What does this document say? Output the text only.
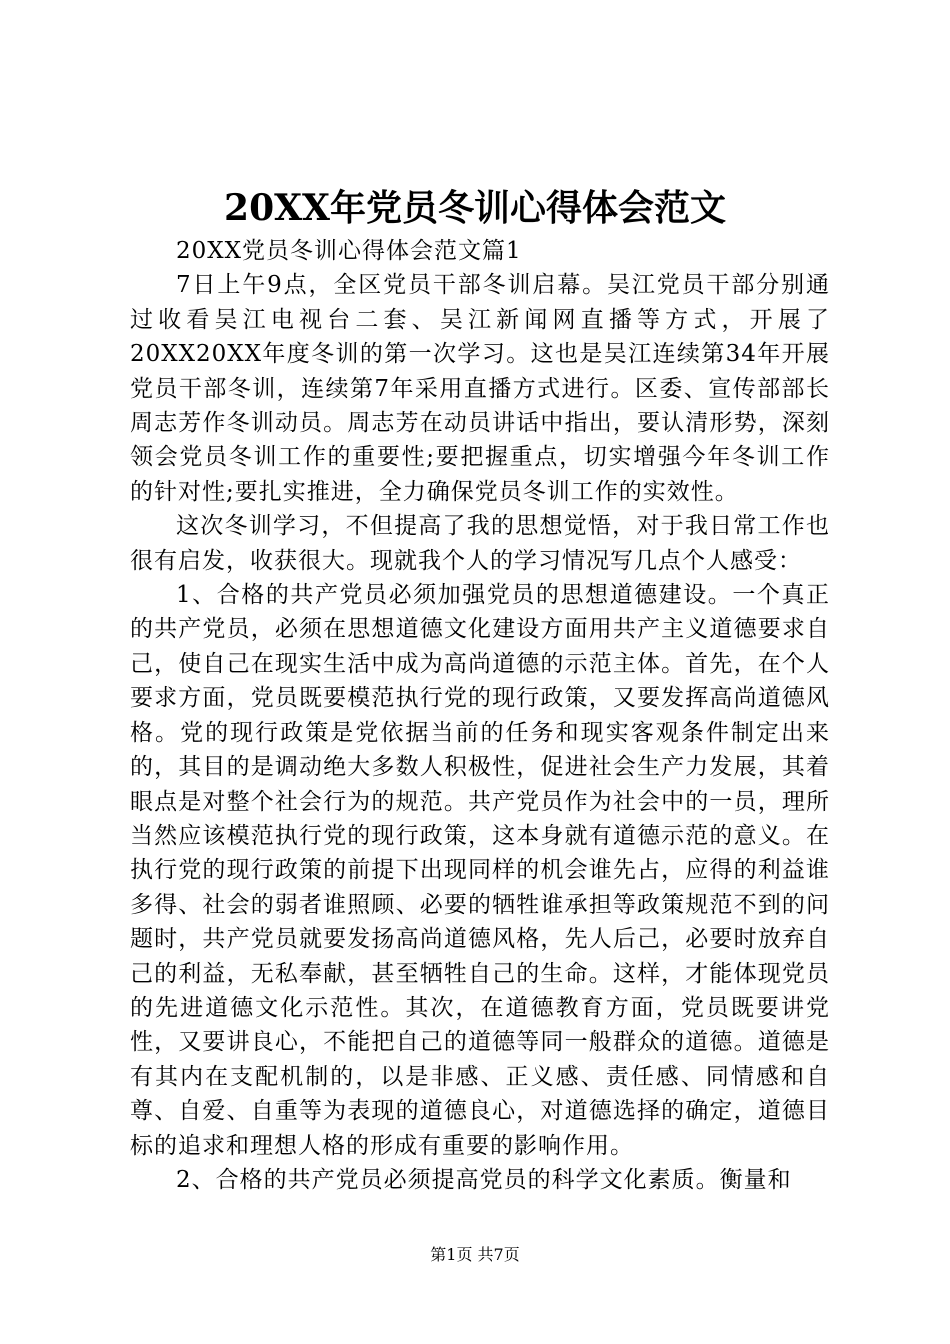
20XX年党员冬训心得体会范文

20XX党员冬训心得体会范文篇1

7日上午9点，全区党员干部冬训启幕。吴江党员干部分别通过收看吴江电视台二套、吴江新闻网直播等方式，开展了20XX20XX年度冬训的第一次学习。这也是吴江连续第34年开展党员干部冬训，连续第7年采用直播方式进行。区委、宣传部部长周志芳作冬训动员。周志芳在动员讲话中指出，要认清形势，深刻领会党员冬训工作的重要性;要把握重点，切实增强今年冬训工作的针对性;要扎实推进，全力确保党员冬训工作的实效性。

这次冬训学习，不但提高了我的思想觉悟，对于我日常工作也很有启发，收获很大。现就我个人的学习情况写几点个人感受：

1、合格的共产党员必须加强党员的思想道德建设。一个真正的共产党员，必须在思想道德文化建设方面用共产主义道德要求自己，使自己在现实生活中成为高尚道德的示范主体。首先，在个人要求方面，党员既要模范执行党的现行政策，又要发挥高尚道德风格。党的现行政策是党依据当前的任务和现实客观条件制定出来的，其目的是调动绝大多数人积极性，促进社会生产力发展，其着眼点是对整个社会行为的规范。共产党员作为社会中的一员，理所当然应该模范执行党的现行政策，这本身就有道德示范的意义。在执行党的现行政策的前提下出现同样的机会谁先占，应得的利益谁多得、社会的弱者谁照顾、必要的牺牲谁承担等政策规范不到的问题时，共产党员就要发扬高尚道德风格，先人后己，必要时放弃自己的利益，无私奉献，甚至牺牲自己的生命。这样，才能体现党员的先进道德文化示范性。其次，在道德教育方面，党员既要讲党性，又要讲良心，不能把自己的道德等同一般群众的道德。道德是有其内在支配机制的，以是非感、正义感、责任感、同情感和自尊、自爱、自重等为表现的道德良心，对道德选择的确定，道德目标的追求和理想人格的形成有重要的影响作用。

2、合格的共产党员必须提高党员的科学文化素质。衡量和

第1页 共7页
